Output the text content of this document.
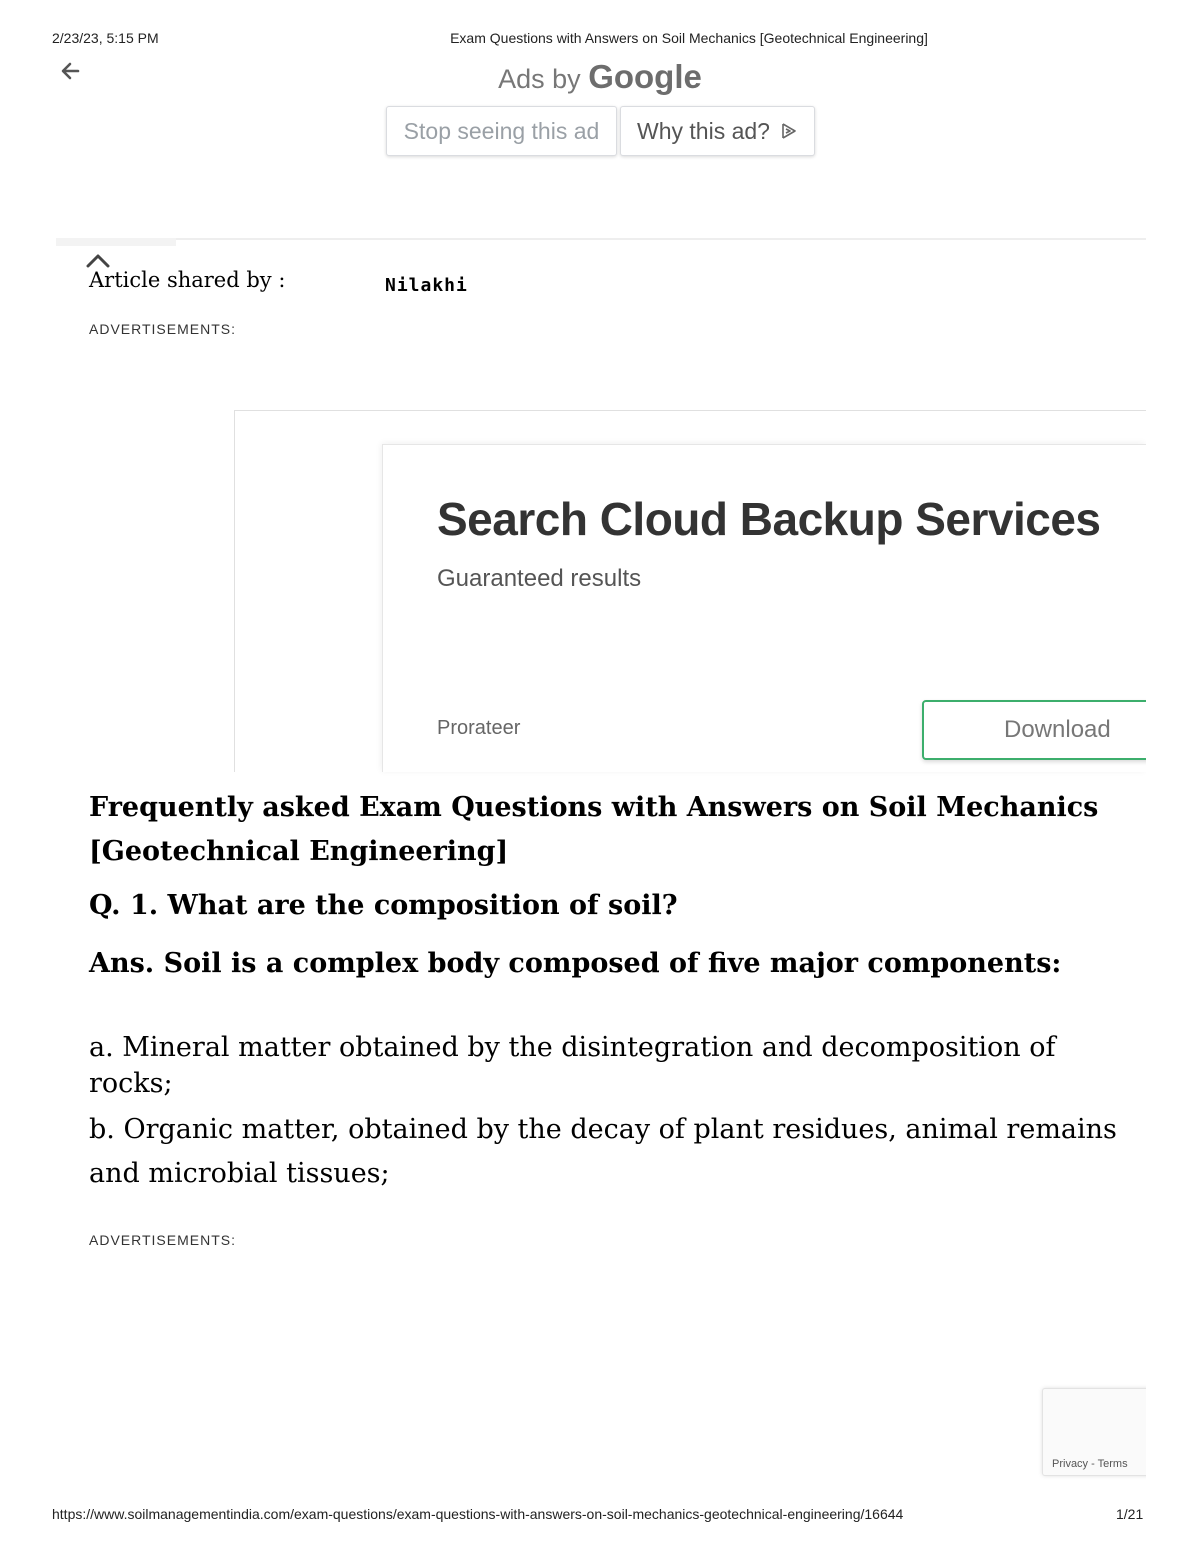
2/23/23, 5:15 PM	Exam Questions with Answers on Soil Mechanics [Geotechnical Engineering]
Ads by Google
Stop seeing this ad Why this ad?
Article shared by :	Nilakhi
ADVERTISEMENTS:
Search Cloud Backup Services
Guaranteed results
Prorateer	Download
Frequently asked Exam Questions with Answers on Soil Mechanics [Geotechnical Engineering]
Q. 1. What are the composition of soil?
Ans. Soil is a complex body composed of five major components:
a. Mineral matter obtained by the disintegration and decomposition of rocks;
b. Organic matter, obtained by the decay of plant residues, animal remains and microbial tissues;
ADVERTISEMENTS:
Privacy - Terms
https://www.soilmanagementindia.com/exam-questions/exam-questions-with-answers-on-soil-mechanics-geotechnical-engineering/16644	1/21
